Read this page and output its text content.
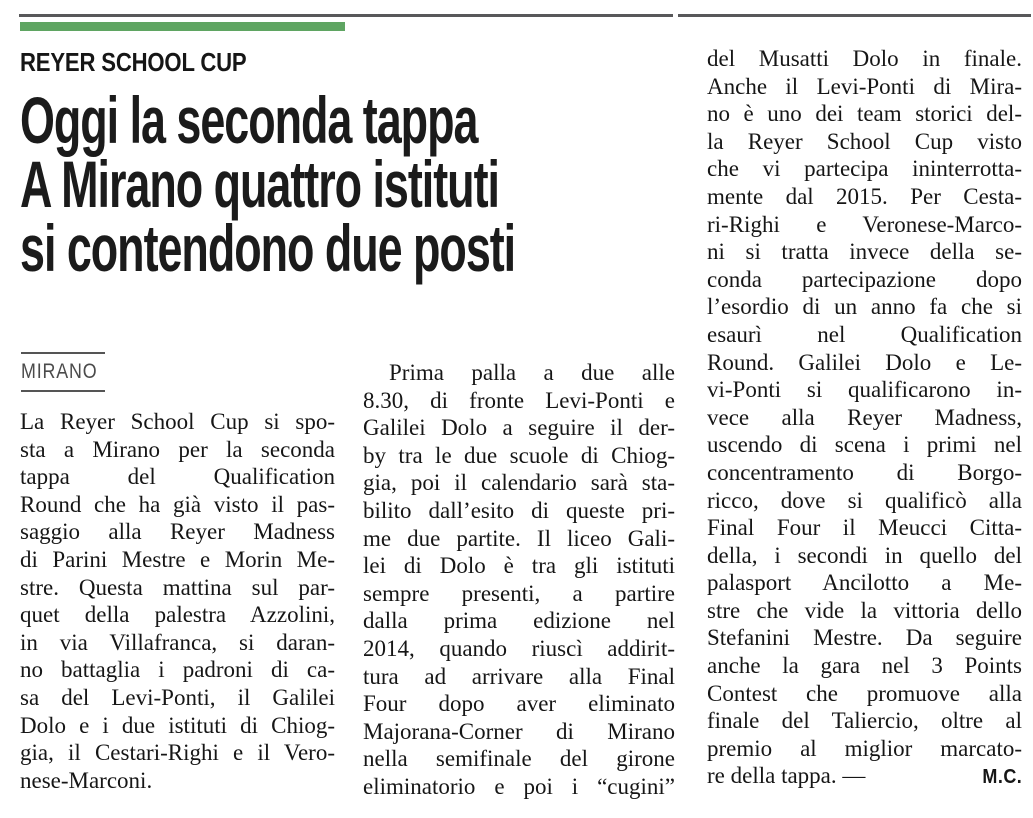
REYER SCHOOL CUP
Oggi la seconda tappa
A Mirano quattro istituti
si contendono due posti
MIRANO
La Reyer School Cup si spo-
sta a Mirano per la seconda
tappa del Qualification
Round che ha già visto il pas-
saggio alla Reyer Madness
di Parini Mestre e Morin Me-
stre. Questa mattina sul par-
quet della palestra Azzolini,
in via Villafranca, si daran-
no battaglia i padroni di ca-
sa del Levi-Ponti, il Galilei
Dolo e i due istituti di Chiog-
gia, il Cestari-Righi e il Vero-
nese-Marconi.
Prima palla a due alle
8.30, di fronte Levi-Ponti e
Galilei Dolo a seguire il der-
by tra le due scuole di Chiog-
gia, poi il calendario sarà sta-
bilito dall’esito di queste pri-
me due partite. Il liceo Gali-
lei di Dolo è tra gli istituti
sempre presenti, a partire
dalla prima edizione nel
2014, quando riuscì addirit-
tura ad arrivare alla Final
Four dopo aver eliminato
Majorana-Corner di Mirano
nella semifinale del girone
eliminatorio e poi i “cugini”
del Musatti Dolo in finale.
Anche il Levi-Ponti di Mira-
no è uno dei team storici del-
la Reyer School Cup visto
che vi partecipa ininterrotta-
mente dal 2015. Per Cesta-
ri-Righi e Veronese-Marco-
ni si tratta invece della se-
conda partecipazione dopo
l’esordio di un anno fa che si
esaurì nel Qualification
Round. Galilei Dolo e Le-
vi-Ponti si qualificarono in-
vece alla Reyer Madness,
uscendo di scena i primi nel
concentramento di Borgo-
ricco, dove si qualificò alla
Final Four il Meucci Citta-
della, i secondi in quello del
palasport Ancilotto a Me-
stre che vide la vittoria dello
Stefanini Mestre. Da seguire
anche la gara nel 3 Points
Contest che promuove alla
finale del Taliercio, oltre al
premio al miglior marcato-
re della tappa. —	M.C.
